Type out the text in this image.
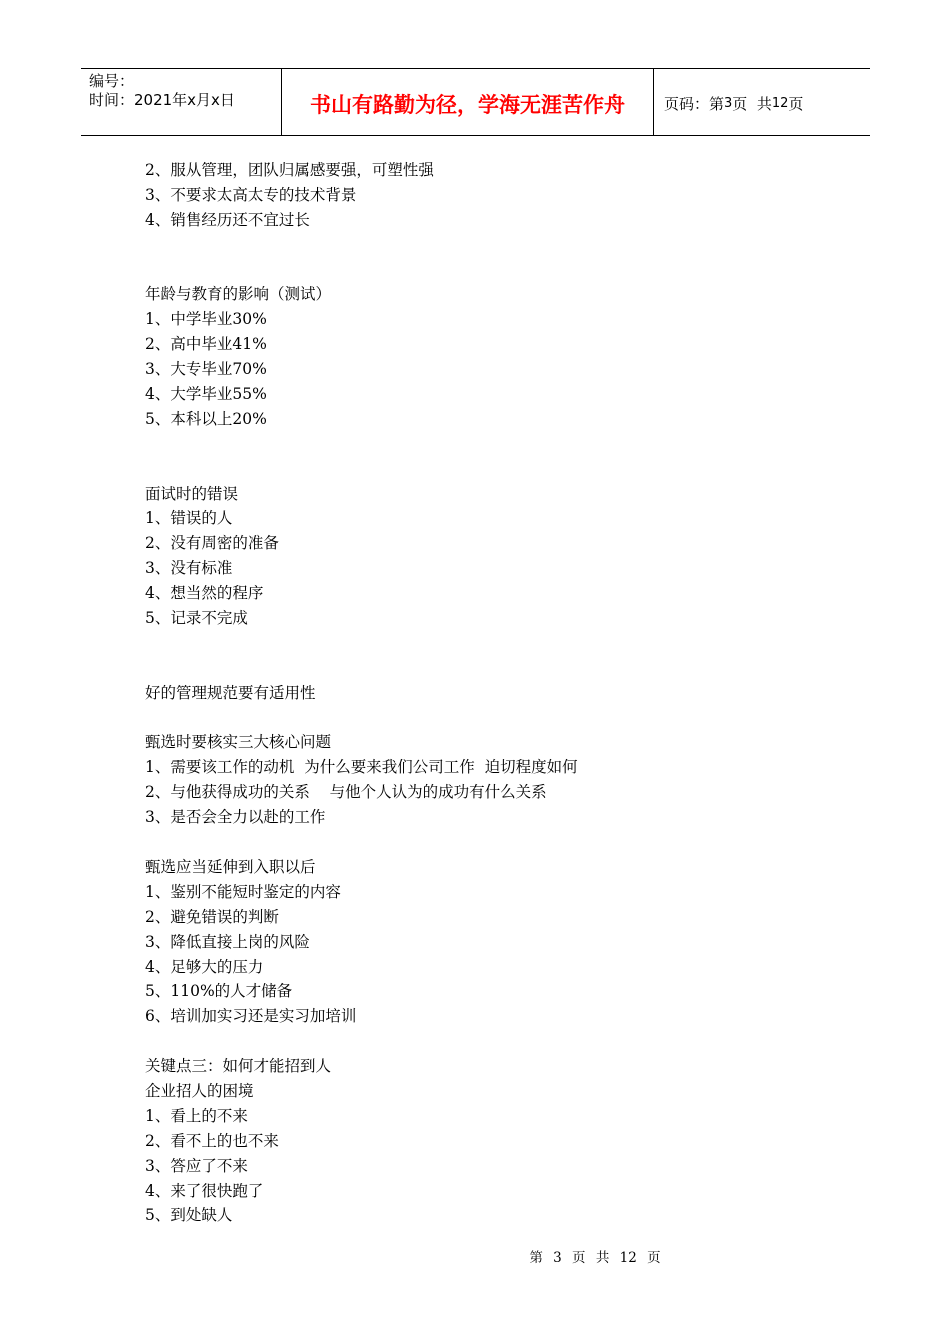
编号：
时间：2021年x月x日	书山有路勤为径，学海无涯苦作舟	页码：第 3 页  共 12 页
2、服从管理，团队归属感要强，可塑性强
3、不要求太高太专的技术背景
4、销售经历还不宜过长
年龄与教育的影响（测试）
1、中学毕业30%
2、高中毕业41%
3、大专毕业70%
4、大学毕业55%
5、本科以上20%
面试时的错误
1、错误的人
2、没有周密的准备
3、没有标准
4、想当然的程序
5、记录不完成
好的管理规范要有适用性
甄选时要核实三大核心问题
1、需要该工作的动机  为什么要来我们公司工作  迫切程度如何
2、与他获得成功的关系    与他个人认为的成功有什么关系
3、是否会全力以赴的工作
甄选应当延伸到入职以后
1、鉴别不能短时鉴定的内容
2、避免错误的判断
3、降低直接上岗的风险
4、足够大的压力
5、110%的人才储备
6、培训加实习还是实习加培训
关键点三：如何才能招到人
企业招人的困境
1、看上的不来
2、看不上的也不来
3、答应了不来
4、来了很快跑了
5、到处缺人
第 3 页 共 12 页
